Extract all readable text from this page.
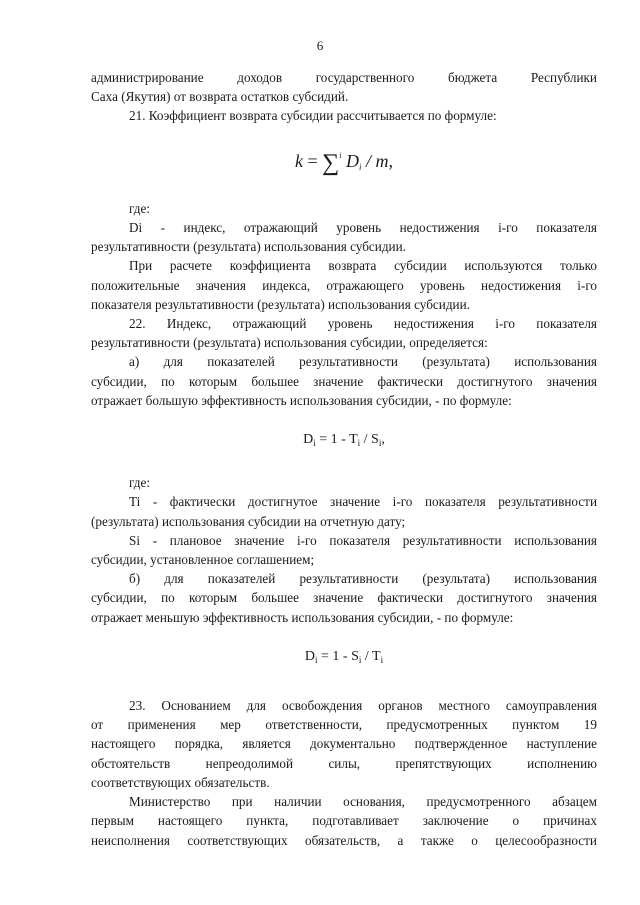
6

администрирование доходов государственного бюджета Республики
Саха (Якутия) от возврата остатков субсидий.

21. Коэффициент возврата субсидии рассчитывается по формуле:

k = ∑$^i$ $D_i$ / m,

где:

Di - индекс, отражающий уровень недостижения i-го показателя
результативности (результата) использования субсидии.

При расчете коэффициента возврата субсидии используются только
положительные значения индекса, отражающего уровень недостижения i-го
показателя результативности (результата) использования субсидии.

22. Индекс, отражающий уровень недостижения i-го показателя
результативности (результата) использования субсидии, определяется:

а) для показателей результативности (результата) использования
субсидии, по которым большее значение фактически достигнутого значения
отражает большую эффективность использования субсидии, - по формуле:

$D_i = 1 - T_i / S_i$,

где:

Ti - фактически достигнутое значение i-го показателя результативности
(результата) использования субсидии на отчетную дату;

Si - плановое значение i-го показателя результативности использования
субсидии, установленное соглашением;

б) для показателей результативности (результата) использования
субсидии, по которым большее значение фактически достигнутого значения
отражает меньшую эффективность использования субсидии, - по формуле:

$D_i = 1 - S_i / T_i$

23. Основанием для освобождения органов местного самоуправления
от применения мер ответственности, предусмотренных пунктом 19
настоящего порядка, является документально подтвержденное наступление
обстоятельств непреодолимой силы, препятствующих исполнению
соответствующих обязательств.

Министерство при наличии основания, предусмотренного абзацем
первым настоящего пункта, подготавливает заключение о причинах
неисполнения соответствующих обязательств, а также о целесообразности
